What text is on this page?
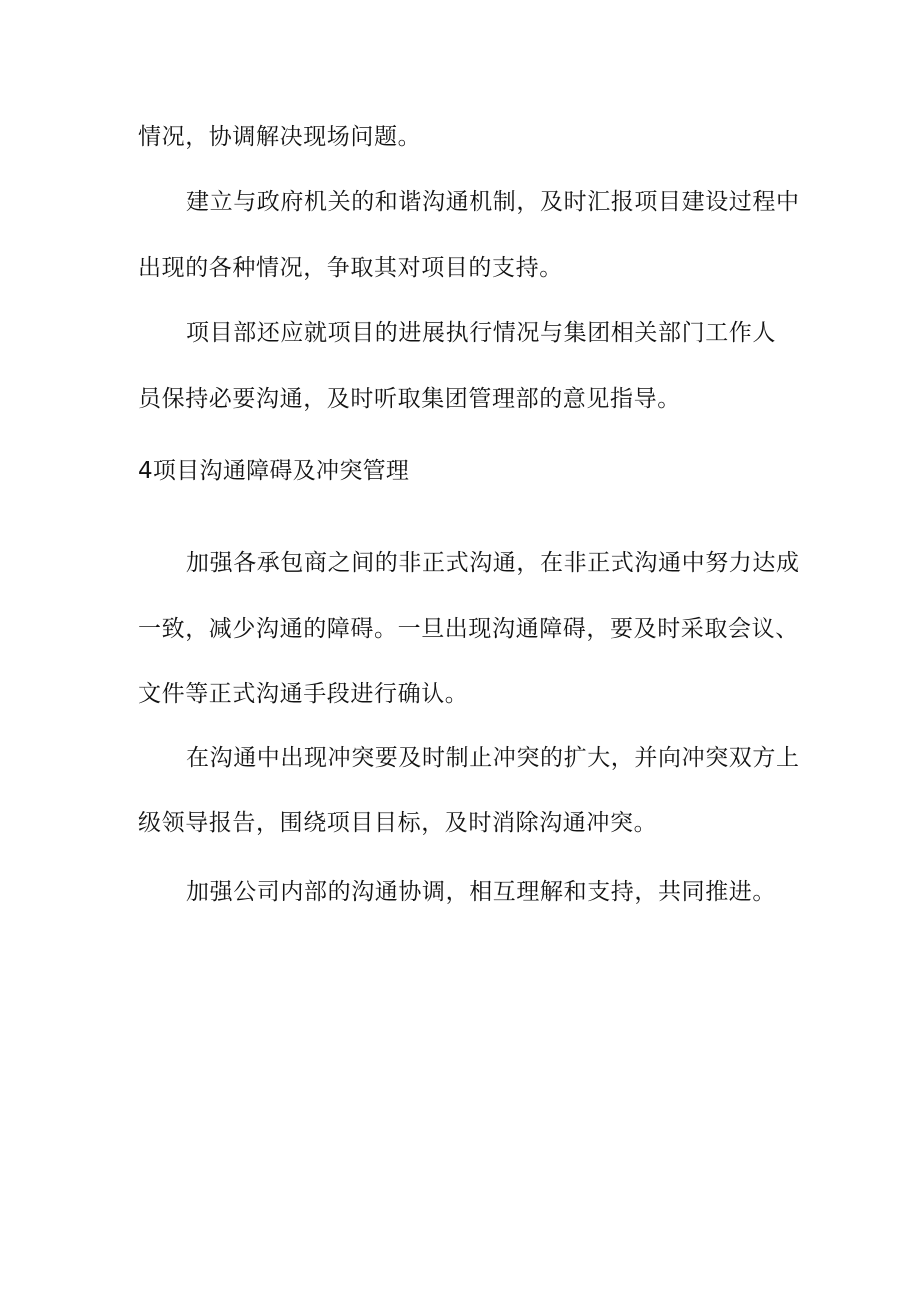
情况，协调解决现场问题。
建立与政府机关的和谐沟通机制，及时汇报项目建设过程中
出现的各种情况，争取其对项目的支持。
项目部还应就项目的进展执行情况与集团相关部门工作人
员保持必要沟通，及时听取集团管理部的意见指导。
4项目沟通障碍及冲突管理
加强各承包商之间的非正式沟通，在非正式沟通中努力达成
一致，减少沟通的障碍。一旦出现沟通障碍，要及时采取会议、
文件等正式沟通手段进行确认。
在沟通中出现冲突要及时制止冲突的扩大，并向冲突双方上
级领导报告，围绕项目目标，及时消除沟通冲突。
加强公司内部的沟通协调，相互理解和支持，共同推进。
